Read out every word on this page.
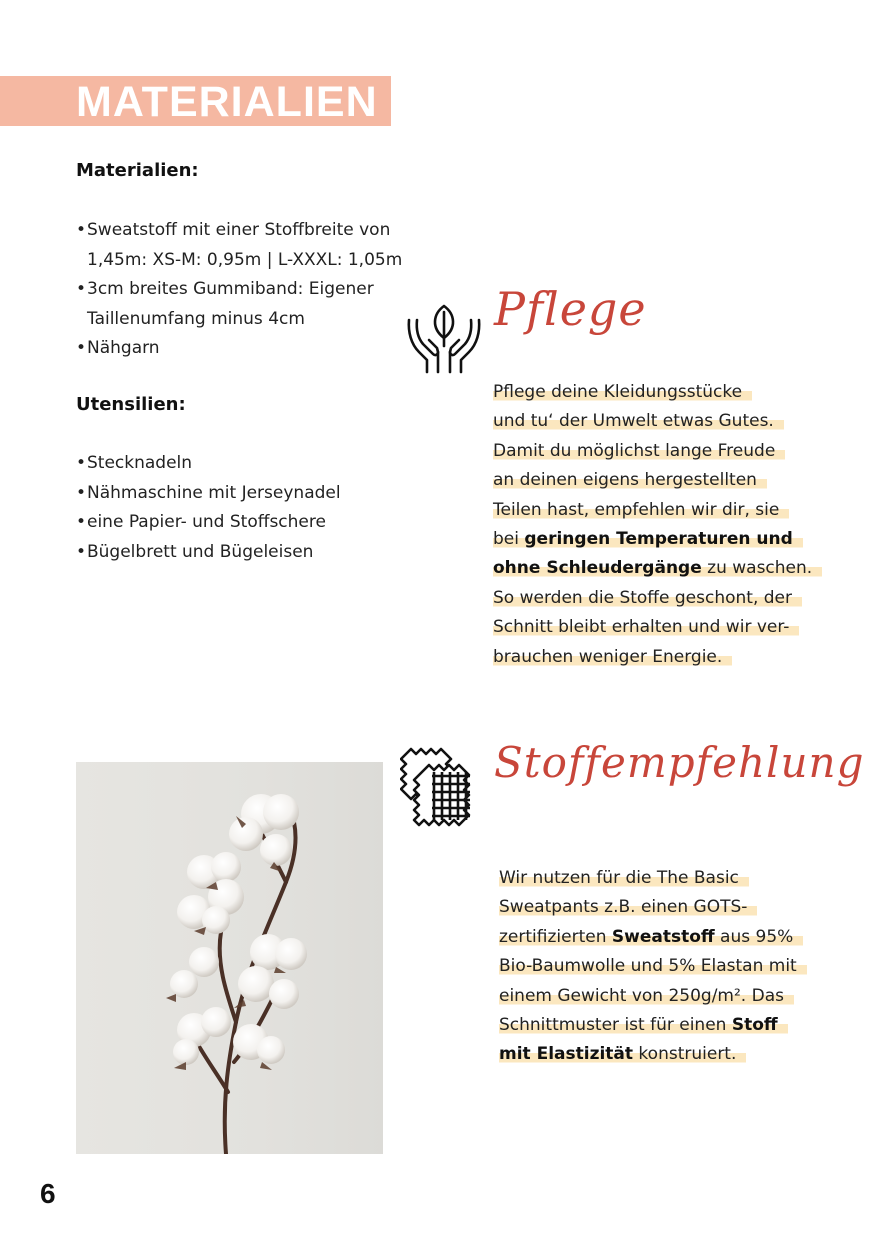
MATERIALIEN
Materialien:
• Sweatstoff mit einer Stoffbreite von
1,45m: XS-M: 0,95m | L-XXXL: 1,05m
• 3cm breites Gummiband: Eigener
Taillenumfang minus 4cm
• Nähgarn
Utensilien:
• Stecknadeln
• Nähmaschine mit Jerseynadel
• eine Papier- und Stoffschere
• Bügelbrett und Bügeleisen
Pflege
Pflege deine Kleidungsstücke
und tu‘ der Umwelt etwas Gutes.
Damit du möglichst lange Freude
an deinen eigens hergestellten
Teilen hast, empfehlen wir dir, sie
bei geringen Temperaturen und
ohne Schleudergänge zu waschen.
So werden die Stoffe geschont, der
Schnitt bleibt erhalten und wir ver-
brauchen weniger Energie.
Stoffempfehlung
Wir nutzen für die The Basic
Sweatpants z.B. einen GOTS-
zertifizierten Sweatstoff aus 95%
Bio-Baumwolle und 5% Elastan mit
einem Gewicht von 250g/m². Das
Schnittmuster ist für einen Stoff
mit Elastizität konstruiert.
6
